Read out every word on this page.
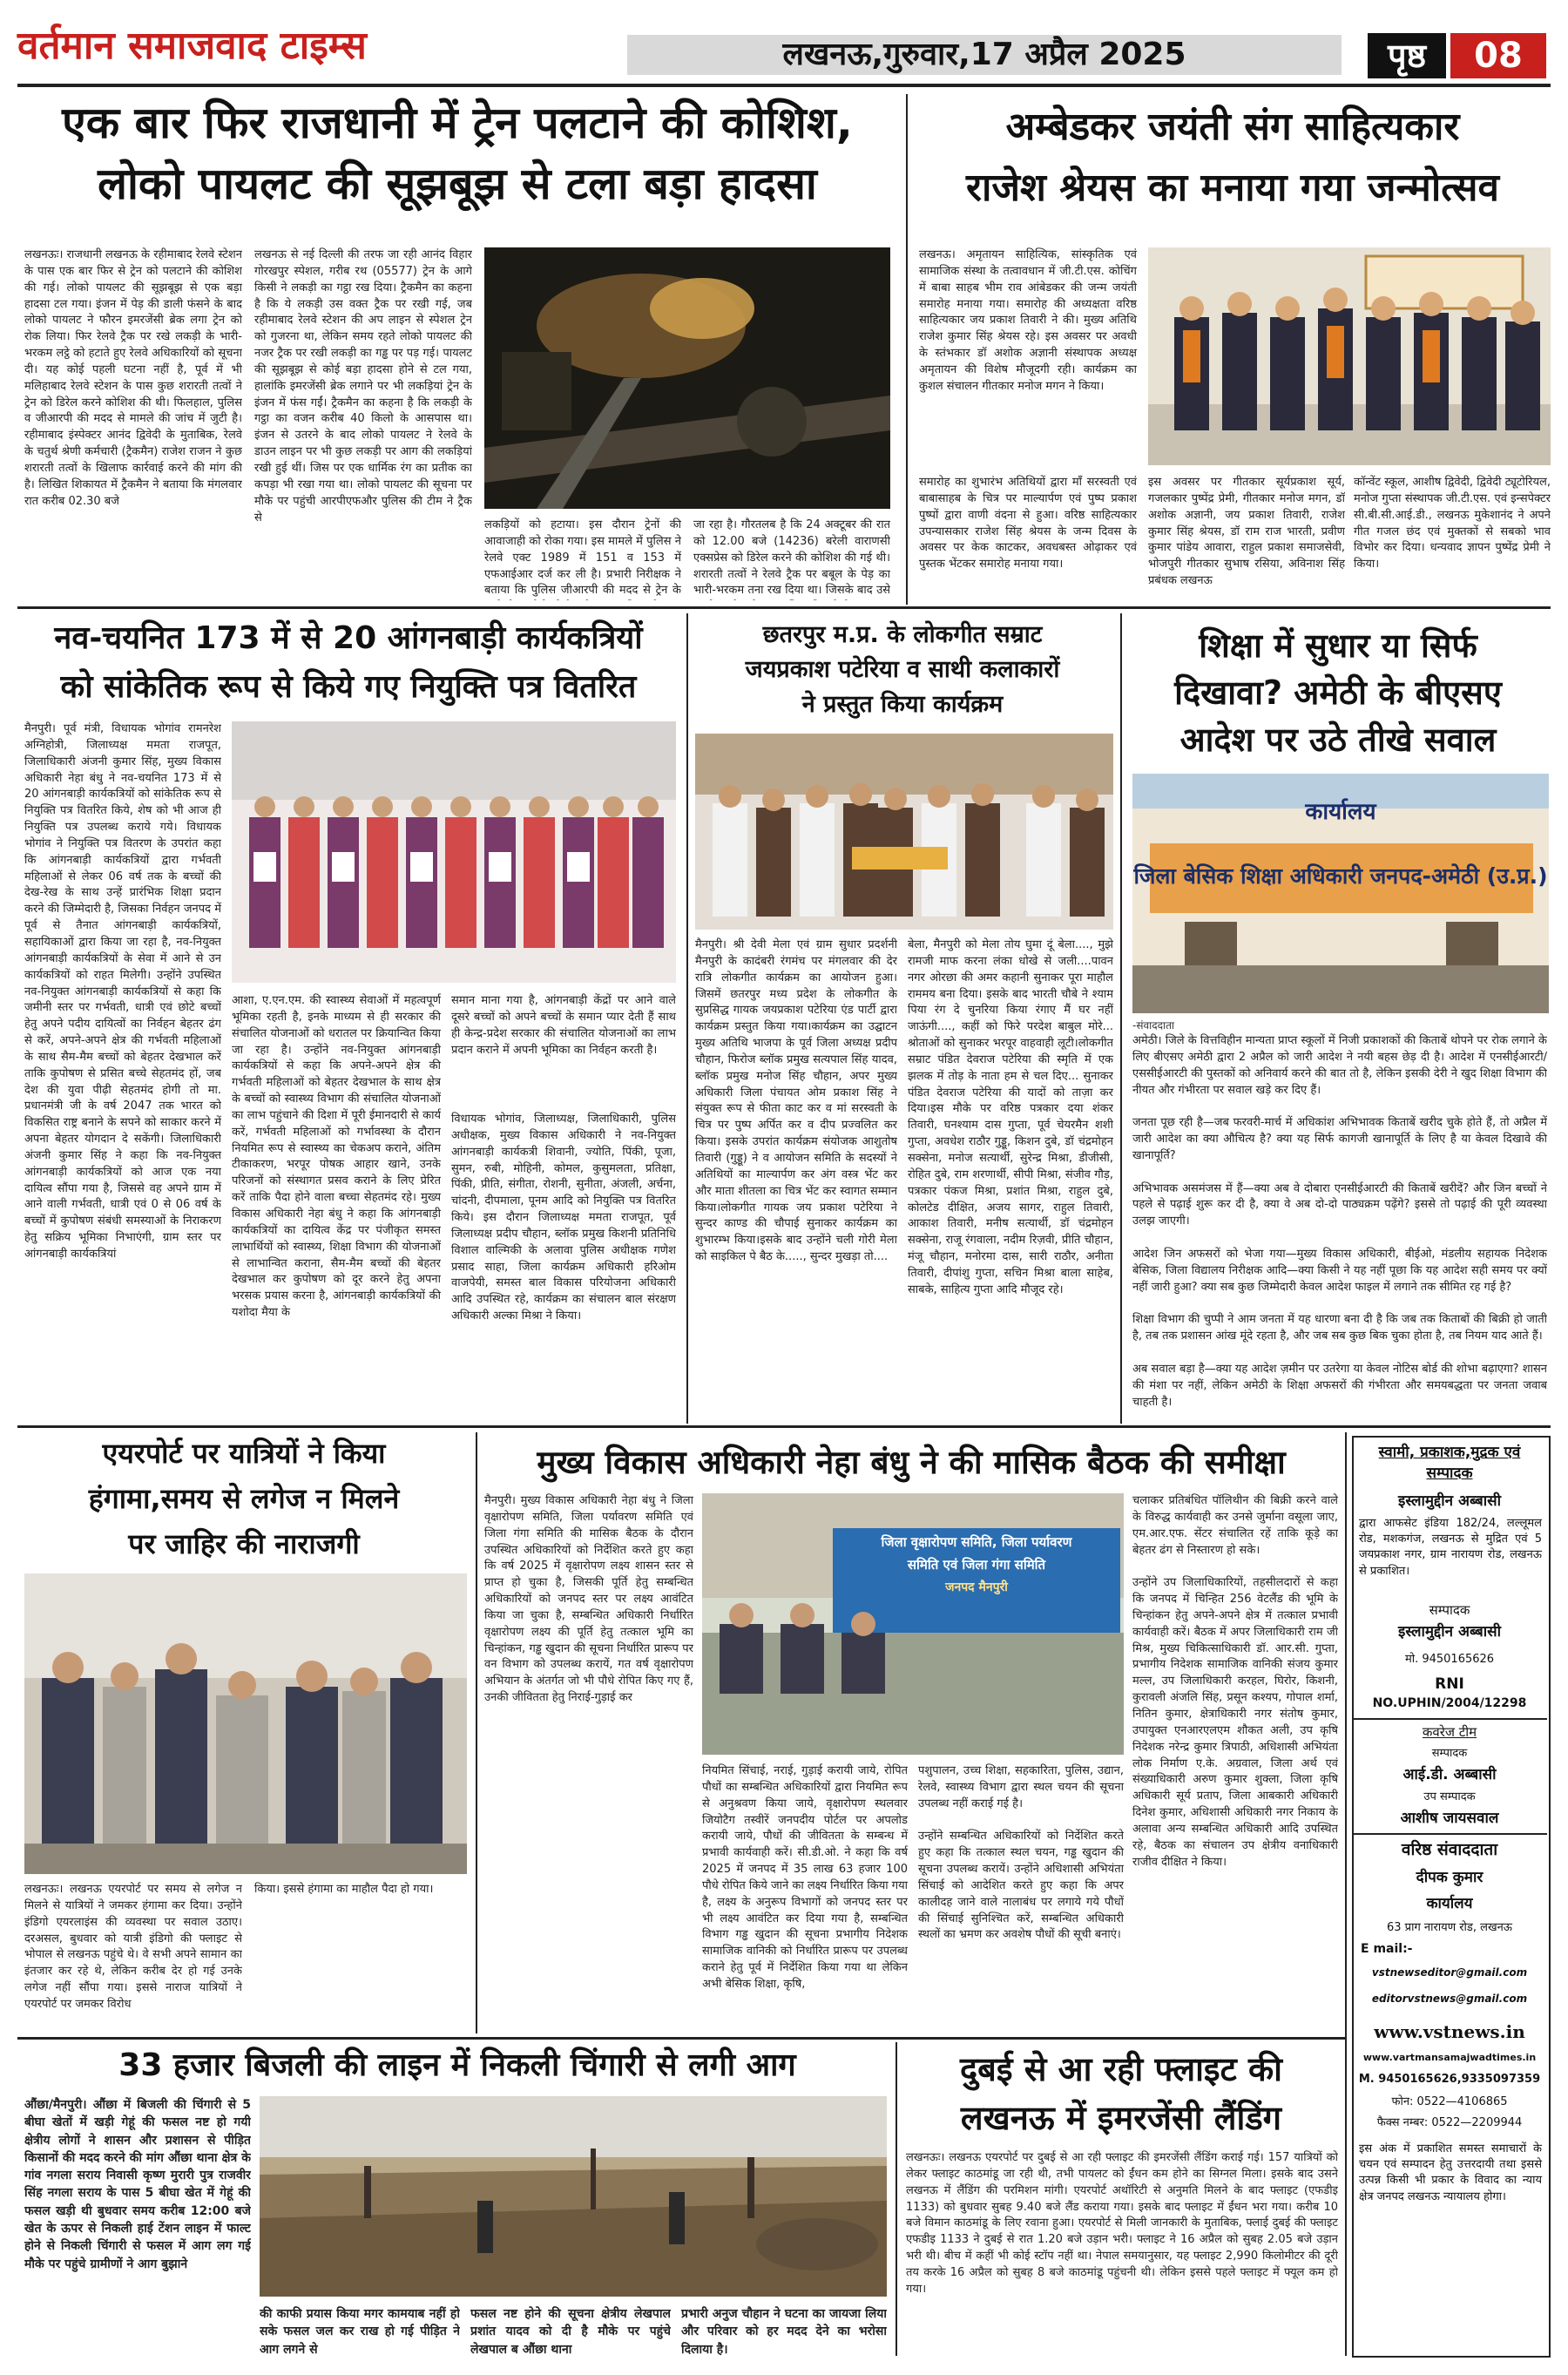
वर्तमान समाजवाद टाइम्स	लखनऊ,गुरुवार,17 अप्रैल 2025	पृष्ठ	08
एक बार फिर राजधानी में ट्रेन पलटाने की कोशिश,
लोको पायलट की सूझबूझ से टला बड़ा हादसा
लखनऊः। राजधानी लखनऊ के रहीमाबाद रेलवे स्टेशन के पास एक बार फिर से ट्रेन को पलटाने की कोशिश की गई। लोको पायलट की सूझबूझ से एक बड़ा हादसा टल गया। इंजन में पेड़ की डाली फंसने के बाद लोको पायलट ने फौरन इमरजेंसी ब्रेक लगा ट्रेन को रोक लिया। फिर रेलवे ट्रैक पर रखे लकड़ी के भारी-भरकम लट्ठे को हटाते हुए रेलवे अधिकारियों को सूचना दी। यह कोई पहली घटना नहीं है, पूर्व में भी मलिहाबाद रेलवे स्टेशन के पास कुछ शरारती तत्वों ने ट्रेन को डिरेल करने कोशिश की थी। फिलहाल, पुलिस व जीआरपी की मदद से मामले की जांच में जुटी है। रहीमाबाद इंस्पेक्टर आनंद द्विवेदी के मुताबिक, रेलवे के चतुर्थ श्रेणी कर्मचारी (ट्रैकमैन) राजेश राजन ने कुछ शरारती तत्वों के खिलाफ कार्रवाई करने की मांग की है। लिखित शिकायत में ट्रैकमैन ने बताया कि मंगलवार रात करीब 02.30 बजे
लखनऊ से नई दिल्ली की तरफ जा रही आनंद विहार गोरखपुर स्पेशल, गरीब रथ (05577) ट्रेन के आगे किसी ने लकड़ी का गट्ठा रख दिया। ट्रैकमैन का कहना है कि ये लकड़ी उस वक्त ट्रैक पर रखी गई, जब रहीमाबाद रेलवे स्टेशन की अप लाइन से स्पेशल ट्रेन को गुजरना था, लेकिन समय रहते लोको पायलट की नजर ट्रैक पर रखी लकड़ी का गड्ढ पर पड़ गई। पायलट की सूझबूझ से कोई बड़ा हादसा होने से टल गया, हालांकि इमरजेंसी ब्रेक लगाने पर भी लकड़ियां ट्रेन के इंजन में फंस गईं। ट्रैकमैन का कहना है कि लकड़ी के गट्ठा का वजन करीब 40 किलो के आसपास था। इंजन से उतरने के बाद लोको पायलट ने रेलवे के डाउन लाइन पर भी कुछ लकड़ी पर आग की लकड़ियां रखी हुई थीं। जिस पर एक धार्मिक रंग का प्रतीक का कपड़ा भी रखा गया था। लोको पायलट की सूचना पर मौके पर पहुंची आरपीएफऔर पुलिस की टीम ने ट्रैक से
लकड़ियों को हटाया। इस दौरान ट्रेनों की आवाजाही को रोका गया। इस मामले में पुलिस ने रेलवे एक्ट 1989 में 151 व 153 में एफआईआर दर्ज कर ली है। प्रभारी निरीक्षक ने बताया कि पुलिस जीआरपी की मदद से ट्रेन के
जा रहा है। गौरतलब है कि 24 अक्टूबर की रात को 12.00 बजे (14236) बरेली वाराणसी एक्सप्रेस को डिरेल करने की कोशिश की गई थी। शरारती तत्वों ने रेलवे ट्रैक पर बबूल के पेड़ का भारी-भरकम तना रख दिया था। जिसके बाद उसे
अम्बेडकर जयंती संग साहित्यकार
राजेश श्रेयस का मनाया गया जन्मोत्सव
लखनऊ। अमृतायन साहित्यिक, सांस्कृतिक एवं सामाजिक संस्था के तत्वावधान में जी.टी.एस. कोचिंग में बाबा साहब भीम राव आंबेडकर की जन्म जयंती समारोह मनाया गया। समारोह की अध्यक्षता वरिष्ठ साहित्यकार जय प्रकाश तिवारी ने की। मुख्य अतिथि राजेश कुमार सिंह श्रेयस रहे। इस अवसर पर अवधी के स्तंभकार डॉ अशोक अज्ञानी संस्थापक अध्यक्ष अमृतायन की विशेष मौजूदगी रही। कार्यक्रम का कुशल संचालन गीतकार मनोज मगन ने किया।
समारोह का शुभारंभ अतिथियों द्वारा माँ सरस्वती एवं बाबासाहब के चित्र पर माल्यार्पण एवं पुष्प प्रकाश पुष्पों द्वारा वाणी वंदना से हुआ। वरिष्ठ साहित्यकार उपन्यासकार राजेश सिंह श्रेयस के जन्म दिवस के अवसर पर केक काटकर, अवधबस्त ओढ़ाकर एवं पुस्तक भेंटकर समारोह मनाया गया।
इस अवसर पर गीतकार सूर्यप्रकाश सूर्य, गजलकार पुष्पेंद्र प्रेमी, गीतकार मनोज मगन, डॉ अशोक अज्ञानी, जय प्रकाश तिवारी, राजेश कुमार सिंह श्रेयस, डॉ राम राज भारती, प्रवीण कुमार पांडेय आवारा, राहुल प्रकाश समाजसेवी, भोजपुरी गीतकार सुभाष रसिया, अविनाश सिंह प्रबंधक लखनऊ
कॉन्वेंट स्कूल, आशीष द्विवेदी, द्विवेदी ट्यूटोरियल, मनोज गुप्ता संस्थापक जी.टी.एस. एवं इन्सपेक्टर सी.बी.सी.आई.डी., लखनऊ मुकेशानंद ने अपने गीत गजल छंद एवं मुक्तकों से सबको भाव विभोर कर दिया। धन्यवाद ज्ञापन पुष्पेंद्र प्रेमी ने किया।
नव-चयनित 173 में से 20 आंगनबाड़ी कार्यकत्रियों
को सांकेतिक रूप से किये गए नियुक्ति पत्र वितरित
मैनपुरी। पूर्व मंत्री, विधायक भोगांव रामनरेश अग्निहोत्री, जिलाध्यक्ष ममता राजपूत, जिलाधिकारी अंजनी कुमार सिंह, मुख्य विकास अधिकारी नेहा बंधु ने नव-चयनित 173 में से 20 आंगनबाड़ी कार्यकत्रियों को सांकेतिक रूप से नियुक्ति पत्र वितरित किये, शेष को भी आज ही नियुक्ति पत्र उपलब्ध कराये गये। विधायक भोगांव ने नियुक्ति पत्र वितरण के उपरांत कहा कि आंगनबाड़ी कार्यकत्रियों द्वारा गर्भवती महिलाओं से लेकर 06 वर्ष तक के बच्चों की देख-रेख के साथ उन्हें प्रारंभिक शिक्षा प्रदान करने की जिम्मेदारी है, जिसका निर्वहन जनपद में पूर्व से तैनात आंगनबाड़ी कार्यकत्रियों, सहायिकाओं द्वारा किया जा रहा है, नव-नियुक्त आंगनबाड़ी कार्यकत्रियों के सेवा में आने से उन कार्यकत्रियों को राहत मिलेगी। उन्होंने उपस्थित नव-नियुक्त आंगनबाड़ी कार्यकत्रियों से कहा कि जमीनी स्तर पर गर्भवती, धात्री एवं छोटे बच्चों हेतु अपने पदीय दायित्वों का निर्वहन बेहतर ढंग से करें, अपने-अपने क्षेत्र की गर्भवती महिलाओं के साथ सैम-मैम बच्चों को बेहतर देखभाल करें ताकि कुपोषण से प्रसित बच्चे सेहतमंद हों, जब देश की युवा पीढ़ी सेहतमंद होगी तो मा. प्रधानमंत्री जी के वर्ष 2047 तक भारत को विकसित राष्ट्र बनाने के सपने को साकार करने में अपना बेहतर योगदान दे सकेंगी। जिलाधिकारी अंजनी कुमार सिंह ने कहा कि नव-नियुक्त आंगनबाड़ी कार्यकत्रियों को आज एक नया दायित्व सौंपा गया है, जिससे वह अपने ग्राम में आने वाली गर्भवती, धात्री एवं 0 से 06 वर्ष के बच्चों में कुपोषण संबंधी समस्याओं के निराकरण हेतु सक्रिय भूमिका निभाएंगी, ग्राम स्तर पर आंगनबाड़ी कार्यकत्रियां
आशा, ए.एन.एम. की स्वास्थ्य सेवाओं में महत्वपूर्ण भूमिका रहती है, इनके माध्यम से ही सरकार की संचालित योजनाओं को धरातल पर क्रियान्वित किया जा रहा है। उन्होंने नव-नियुक्त आंगनबाड़ी कार्यकत्रियों से कहा कि अपने-अपने क्षेत्र की गर्भवती महिलाओं को बेहतर देखभाल के साथ क्षेत्र के बच्चों को स्वास्थ्य विभाग की संचालित योजनाओं का लाभ पहुंचाने की दिशा में पूरी ईमानदारी से कार्य करें, गर्भवती महिलाओं को गर्भावस्था के दौरान नियमित रूप से स्वास्थ्य का चेकअप कराने, अंतिम टीकाकरण, भरपूर पोषक आहार खाने, उनके परिजनों को संस्थागत प्रसव कराने के लिए प्रेरित करें ताकि पैदा होने वाला बच्चा सेहतमंद रहे। मुख्य विकास अधिकारी नेहा बंधु ने कहा कि आंगनबाड़ी कार्यकत्रियों का दायित्व केंद्र पर पंजीकृत समस्त लाभार्थियों को स्वास्थ्य, शिक्षा विभाग की योजनाओं से लाभान्वित कराना, सैम-मैम बच्चों की बेहतर देखभाल कर कुपोषण को दूर करने हेतु अपना भरसक प्रयास करना है, आंगनबाड़ी कार्यकत्रियों की यशोदा मैया के
समान माना गया है, आंगनबाड़ी केंद्रों पर आने वाले दूसरे बच्चों को अपने बच्चों के समान प्यार देती हैं साथ ही केन्द्र-प्रदेश सरकार की संचालित योजनाओं का लाभ प्रदान कराने में अपनी भूमिका का निर्वहन करती है।
विधायक भोगांव, जिलाध्यक्ष, जिलाधिकारी, पुलिस अधीक्षक, मुख्य विकास अधिकारी ने नव-नियुक्त आंगनबाड़ी कार्यकत्री शिवानी, ज्योति, पिंकी, पूजा, सुमन, रुबी, मोहिनी, कोमल, कुसुमलता, प्रतिक्षा, पिंकी, प्रीति, संगीता, रोशनी, सुनीता, अंजली, अर्चना, चांदनी, दीपमाला, पूनम आदि को नियुक्ति पत्र वितरित किये। इस दौरान जिलाध्यक्ष ममता राजपूत, पूर्व जिलाध्यक्ष प्रदीप चौहान, ब्लॉक प्रमुख किशनी प्रतिनिधि विशाल वाल्मिकी के अलावा पुलिस अधीक्षक गणेश प्रसाद साहा, जिला कार्यक्रम अधिकारी हरिओम वाजपेयी, समस्त बाल विकास परियोजना अधिकारी आदि उपस्थित रहे, कार्यक्रम का संचालन बाल संरक्षण अधिकारी अल्का मिश्रा ने किया।
छतरपुर म.प्र. के लोकगीत सम्राट
जयप्रकाश पटेरिया व साथी कलाकारों
ने प्रस्तुत किया कार्यक्रम
मैनपुरी। श्री देवी मेला एवं ग्राम सुधार प्रदर्शनी मैनपुरी के कादंबरी रंगमंच पर मंगलवार की देर रात्रि लोकगीत कार्यक्रम का आयोजन हुआ। जिसमें छतरपुर मध्य प्रदेश के लोकगीत के सुप्रसिद्ध गायक जयप्रकाश पटेरिया एंड पार्टी द्वारा कार्यक्रम प्रस्तुत किया गया।कार्यक्रम का उद्घाटन मुख्य अतिथि भाजपा के पूर्व जिला अध्यक्ष प्रदीप चौहान, फिरोज ब्लॉक प्रमुख सत्यपाल सिंह यादव, ब्लॉक प्रमुख मनोज सिंह चौहान, अपर मुख्य अधिकारी जिला पंचायत ओम प्रकाश सिंह ने संयुक्त रूप से फीता काट कर व मां सरस्वती के चित्र पर पुष्प अर्पित कर व दीप प्रज्वलित कर किया। इसके उपरांत कार्यक्रम संयोजक आशुतोष तिवारी (गुड्डू) ने व आयोजन समिति के सदस्यों ने अतिथियों का माल्यार्पण कर अंग वस्त्र भेंट कर और माता शीतला का चित्र भेंट कर स्वागत सम्मान किया।लोकगीत गायक जय प्रकाश पटेरिया ने सुन्दर काण्ड की चौपाई सुनाकर कार्यक्रम का शुभारम्भ किया।इसके बाद उन्होंने चली गोरी मेला को साइकिल पे बैठ के....., सुन्दर मुखड़ा तो....
बेला, मैनपुरी को मेला तोय घुमा दूं बेला...., मुझे रामजी माफ करना लंका धोखे से जली....पावन नगर ओरछा की अमर कहानी सुनाकर पूरा माहौल राममय बना दिया। इसके बाद भारती चौबे ने श्याम पिया रंग दे चुनरिया किया रंगाए मैं घर नहीं जाऊंगी...., कहीं को फिरे परदेश बाबुल मोरे... श्रोताओं को सुनाकर भरपूर वाहवाही लूटी।लोकगीत सम्राट पंडित देवराज पटेरिया की स्मृति में एक झलक में तोड़ के नाता हम से चल दिए... सुनाकर पंडित देवराज पटेरिया की यादों को ताज़ा कर दिया।इस मौके पर वरिष्ठ पत्रकार दया शंकर तिवारी, घनश्याम दास गुप्ता, पूर्व चेयरमैन शशी गुप्ता, अवधेश राठौर गुड्डू, किशन दुबे, डॉ चंद्रमोहन सक्सेना, मनोज सत्यार्थी, सुरेन्द्र मिश्रा, डीजीसी, रोहित दुबे, राम शरणार्थी, सीपी मिश्रा, संजीव गौड़, पत्रकार पंकज मिश्रा, प्रशांत मिश्रा, राहुल दुबे, कोलटेड दीक्षित, अजय सागर, राहुल तिवारी, आकाश तिवारी, मनीष सत्यार्थी, डॉ चंद्रमोहन सक्सेना, राजू रंगवाला, नदीम रिज़वी, प्रीति चौहान, मंजू चौहान, मनोरमा दास, सारी राठौर, अनीता तिवारी, दीपांशु गुप्ता, सचिन मिश्रा बाला साहेब, साबके, साहित्य गुप्ता आदि मौजूद रहे।
शिक्षा में सुधार या सिर्फ
दिखावा? अमेठी के बीएसए
आदेश पर उठे तीखे सवाल
कार्यालय
जिला बेसिक शिक्षा अधिकारी जनपद-अमेठी (उ.प्र.)
-संवाददाता
अमेठी। जिले के वित्तविहीन मान्यता प्राप्त स्कूलों में निजी प्रकाशकों की किताबें थोपने पर रोक लगाने के लिए बीएसए अमेठी द्वारा 2 अप्रैल को जारी आदेश ने नयी बहस छेड़ दी है। आदेश में एनसीईआरटी/एससीईआरटी की पुस्तकों को अनिवार्य करने की बात तो है, लेकिन इसकी देरी ने खुद शिक्षा विभाग की नीयत और गंभीरता पर सवाल खड़े कर दिए हैं।

जनता पूछ रही है—जब फरवरी-मार्च में अधिकांश अभिभावक किताबें खरीद चुके होते हैं, तो अप्रैल में जारी आदेश का क्या औचित्य है? क्या यह सिर्फ कागजी खानापूर्ति के लिए है या केवल दिखावे की खानापूर्ति?

अभिभावक असमंजस में हैं—क्या अब वे दोबारा एनसीईआरटी की किताबें खरीदें? और जिन बच्चों ने पहले से पढ़ाई शुरू कर दी है, क्या वे अब दो-दो पाठ्यक्रम पढ़ेंगे? इससे तो पढ़ाई की पूरी व्यवस्था उलझ जाएगी।

आदेश जिन अफसरों को भेजा गया—मुख्य विकास अधिकारी, बीईओ, मंडलीय सहायक निदेशक बेसिक, जिला विद्यालय निरीक्षक आदि—क्या किसी ने यह नहीं पूछा कि यह आदेश सही समय पर क्यों नहीं जारी हुआ? क्या सब कुछ जिम्मेदारी केवल आदेश फाइल में लगाने तक सीमित रह गई है?

शिक्षा विभाग की चुप्पी ने आम जनता में यह धारणा बना दी है कि जब तक किताबों की बिक्री हो जाती है, तब तक प्रशासन आंख मूंदे रहता है, और जब सब कुछ बिक चुका होता है, तब नियम याद आते हैं।

अब सवाल बड़ा है—क्या यह आदेश ज़मीन पर उतरेगा या केवल नोटिस बोर्ड की शोभा बढ़ाएगा? शासन की मंशा पर नहीं, लेकिन अमेठी के शिक्षा अफसरों की गंभीरता और समयबद्धता पर जनता जवाब चाहती है।
एयरपोर्ट पर यात्रियों ने किया
हंगामा,समय से लगेज न मिलने
पर जाहिर की नाराजगी
लखनऊः। लखनऊ एयरपोर्ट पर समय से लगेज न मिलने से यात्रियों ने जमकर हंगामा कर दिया। उन्होंने इंडिगो एयरलाइंस की व्यवस्था पर सवाल उठाए। दरअसल, बुधवार को यात्री इंडिगो की फ्लाइट से भोपाल से लखनऊ पहुंचे थे। वे सभी अपने सामान का इंतजार कर रहे थे, लेकिन करीब देर हो गई उनके लगेज नहीं सौंपा गया। इससे नाराज यात्रियों ने एयरपोर्ट पर जमकर विरोध
किया। इससे हंगामा का माहौल पैदा हो गया।
मुख्य विकास अधिकारी नेहा बंधु ने की मासिक बैठक की समीक्षा
मैनपुरी। मुख्य विकास अधिकारी नेहा बंधु ने जिला वृक्षारोपण समिति, जिला पर्यावरण समिति एवं जिला गंगा समिति की मासिक बैठक के दौरान उपस्थित अधिकारियों को निर्देशित करते हुए कहा कि वर्ष 2025 में वृक्षारोपण लक्ष्य शासन स्तर से प्राप्त हो चुका है, जिसकी पूर्ति हेतु सम्बन्धित अधिकारियों को जनपद स्तर पर लक्ष्य आवंटित किया जा चुका है, सम्बन्धित अधिकारी निर्धारित वृक्षारोपण लक्ष्य की पूर्ति हेतु तत्काल भूमि का चिन्हांकन, गड्ढ खुदान की सूचना निर्धारित प्रारूप पर वन विभाग को उपलब्ध करायें, गत वर्ष वृक्षारोपण अभियान के अंतर्गत जो भी पौधे रोपित किए गए हैं, उनकी जीवितता हेतु निराई-गुड़ाई कर
जिला वृक्षारोपण समिति, जिला पर्यावरण
समिति एवं जिला गंगा समिति
जनपद मैनपुरी
नियमित सिंचाई, नराई, गुड़ाई करायी जाये, रोपित पौधों का सम्बन्धित अधिकारियों द्वारा नियमित रूप से अनुश्रवण किया जाये, वृक्षारोपण स्थलवार जियोटैग तस्वीरें जनपदीय पोर्टल पर अपलोड करायी जाये, पौधों की जीवितता के सम्बन्ध में प्रभावी कार्यवाही करें। सी.डी.ओ. ने कहा कि वर्ष 2025 में जनपद में 35 लाख 63 हजार 100 पौधे रोपित किये जाने का लक्ष्य निर्धारित किया गया है, लक्ष्य के अनुरूप विभागों को जनपद स्तर पर भी लक्ष्य आवंटित कर दिया गया है, सम्बन्धित विभाग गड्ढ खुदान की सूचना प्रभागीय निदेशक सामाजिक वानिकी को निर्धारित प्रारूप पर उपलब्ध कराने हेतु पूर्व में निर्देशित किया गया था लेकिन अभी बेसिक शिक्षा, कृषि,
पशुपालन, उच्च शिक्षा, सहकारिता, पुलिस, उद्यान, रेलवे, स्वास्थ्य विभाग द्वारा स्थल चयन की सूचना उपलब्ध नहीं कराई गई है।

उन्होंने सम्बन्धित अधिकारियों को निर्देशित करते हुए कहा कि तत्काल स्थल चयन, गड्ढ खुदान की सूचना उपलब्ध करायें। उन्होंने अधिशासी अभियंता सिंचाई को आदेशित करते हुए कहा कि अपर कालीदह जाने वाले नालाबंध पर लगाये गये पौधों की सिंचाई सुनिश्चित करें, सम्बन्धित अधिकारी स्थलों का भ्रमण कर अवशेष पौधों की सूची बनाएं।
चलाकर प्रतिबंधित पॉलिथीन की बिक्री करने वाले के विरुद्ध कार्यवाही कर उनसे जुर्माना वसूला जाए, एम.आर.एफ. सेंटर संचालित रहें ताकि कूड़े का बेहतर ढंग से निस्तारण हो सके।

उन्होंने उप जिलाधिकारियों, तहसीलदारों से कहा कि जनपद में चिन्हित 256 वेटलैंड की भूमि के चिन्हांकन हेतु अपने-अपने क्षेत्र में तत्काल प्रभावी कार्यवाही करें। बैठक में अपर जिलाधिकारी राम जी मिश्र, मुख्य चिकित्साधिकारी डॉ. आर.सी. गुप्ता, प्रभागीय निदेशक सामाजिक वानिकी संजय कुमार मल्ल, उप जिलाधिकारी करहल, घिरोर, किशनी, कुरावली अंजलि सिंह, प्रसून कश्यप, गोपाल शर्मा, नितिन कुमार, क्षेत्राधिकारी नगर संतोष कुमार, उपायुक्त एनआरएलएम शौकत अली, उप कृषि निदेशक नरेन्द्र कुमार त्रिपाठी, अधिशासी अभियंता लोक निर्माण ए.के. अग्रवाल, जिला अर्थ एवं संख्याधिकारी अरुण कुमार शुक्ला, जिला कृषि अधिकारी सूर्य प्रताप, जिला आबकारी अधिकारी दिनेश कुमार, अधिशासी अधिकारी नगर निकाय के अलावा अन्य सम्बन्धित अधिकारी आदि उपस्थित रहे, बैठक का संचालन उप क्षेत्रीय वनाधिकारी राजीव दीक्षित ने किया।
स्वामी, प्रकाशक,मुद्रक एवं सम्पादक
इस्लामुद्दीन अब्बासी
द्वारा आफसेट इंडिया 182/24, लल्लूमल रोड, मशकगंज, लखनऊ से मुद्रित एवं 5 जयप्रकाश नगर, ग्राम नारायण रोड, लखनऊ से प्रकाशित।
सम्पादक
इस्लामुद्दीन अब्बासी
मो. 9450165626
RNI
NO.UPHIN/2004/12298
कवरेज टीम
सम्पादक
आई.डी. अब्बासी
उप सम्पादक
आशीष जायसवाल
वरिष्ठ संवाददाता
दीपक कुमार
कार्यालय
63 प्राग नारायण रोड, लखनऊ
E mail:-
vstnewseditor@gmail.com
editorvstnews@gmail.com
www.vstnews.in
www.vartmansamajwadtimes.in
M. 9450165626,9335097359
फोन: 0522—4106865
फैक्स नम्बर: 0522—2209944
इस अंक में प्रकाशित समस्त समाचारों के चयन एवं सम्पादन हेतु उत्तरदायी तथा इससे उत्पन्न किसी भी प्रकार के विवाद का न्याय क्षेत्र जनपद लखनऊ न्यायालय होगा।
33 हजार बिजली की लाइन में निकली चिंगारी से लगी आग
औंछा/मैनपुरी। औंछा में बिजली की चिंगारी से 5 बीघा खेतों में खड़ी गेहूं की फसल नष्ट हो गयी क्षेत्रीय लोगों ने शासन और प्रशासन से पीड़ित किसानों की मदद करने की मांग औंछा थाना क्षेत्र के गांव नगला सराय निवासी कृष्ण मुरारी पुत्र राजवीर सिंह नगला सराय के पास 5 बीघा खेत में गेहूं की फसल खड़ी थी बुधवार समय करीब 12:00 बजे खेत के ऊपर से निकली हाई टेंशन लाइन में फाल्ट होने से निकली चिंगारी से फसल में आग लग गई मौके पर पहुंचे ग्रामीणों ने आग बुझाने
की काफी प्रयास किया मगर कामयाब नहीं हो सके फसल जल कर राख हो गई पीड़ित ने आग लगने से
फसल नष्ट होने की सूचना क्षेत्रीय लेखपाल प्रशांत यादव को दी है मौके पर पहुंचे लेखपाल ब औंछा थाना
प्रभारी अनुज चौहान ने घटना का जायजा लिया और परिवार को हर मदद देने का भरोसा दिलाया है।
दुबई से आ रही फ्लाइट की
लखनऊ में इमरजेंसी लैंडिंग
लखनऊः। लखनऊ एयरपोर्ट पर दुबई से आ रही फ्लाइट की इमरजेंसी लैंडिंग कराई गई। 157 यात्रियों को लेकर फ्लाइट काठमांडू जा रही थी, तभी पायलट को ईंधन कम होने का सिग्नल मिला। इसके बाद उसने लखनऊ में लैंडिंग की परमिशन मांगी। एयरपोर्ट अथॉरिटी से अनुमति मिलने के बाद फ्लाइट (एफडीइ 1133) को बुधवार सुबह 9.40 बजे लैंड कराया गया। इसके बाद फ्लाइट में ईंधन भरा गया। करीब 10 बजे विमान काठमांडू के लिए रवाना हुआ। एयरपोर्ट से मिली जानकारी के मुताबिक, फ्लाई दुबई की फ्लाइट एफडीइ 1133 ने दुबई से रात 1.20 बजे उड़ान भरी। फ्लाइट ने 16 अप्रैल को सुबह 2.05 बजे उड़ान भरी थी। बीच में कहीं भी कोई स्टॉप नहीं था। नेपाल समयानुसार, यह फ्लाइट 2,990 किलोमीटर की दूरी तय करके 16 अप्रैल को सुबह 8 बजे काठमांडू पहुंचनी थी। लेकिन इससे पहले फ्लाइट में फ्यूल कम हो गया।
